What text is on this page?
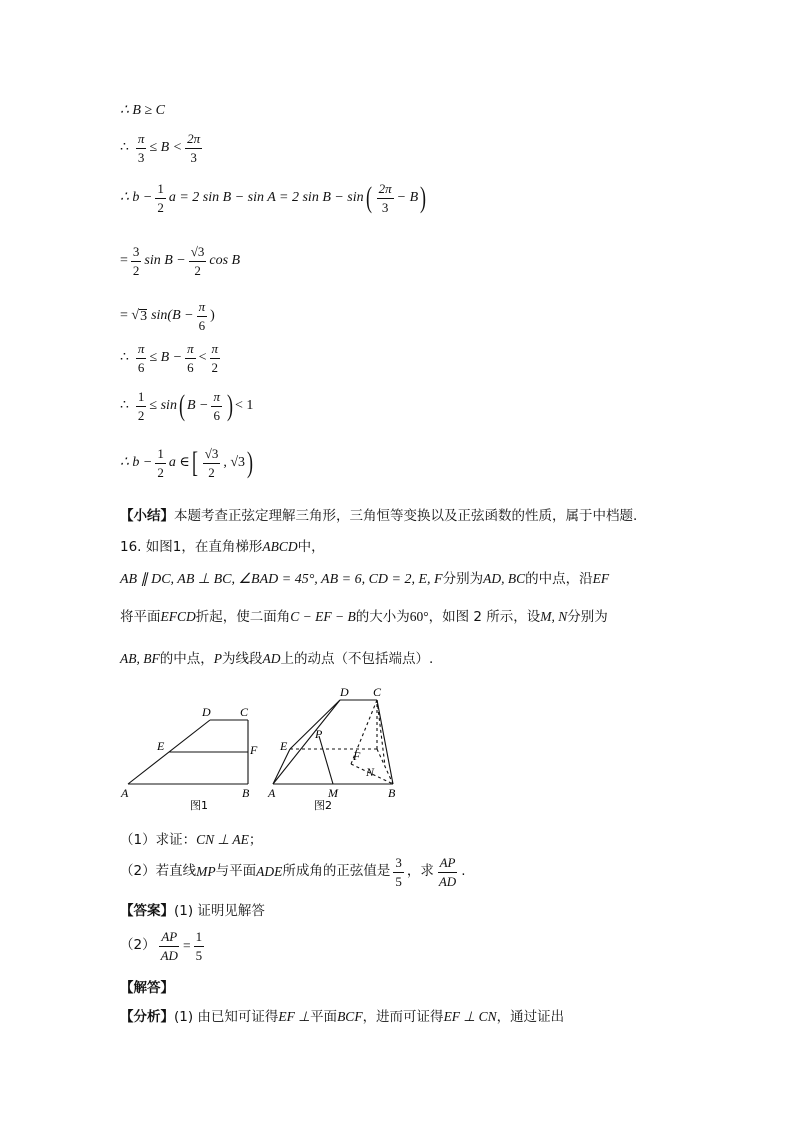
∴ B ≥ C
∴ $\frac{\pi}{3} \le B < \frac{2\pi}{3}$
∴ $b - \frac{1}{2}$ a = 2 sin B − sin A = 2 sin B − sin ( $\frac{2\pi}{3} - B$ )
= $\frac{3}{2}$ $\sin B - \frac{√3}{2}$ cos B
= √ 3 $\sin(B - \frac{\pi}{6}$ )
∴ $\frac{\pi}{6} \le B - \frac{\pi}{6} < \frac{\pi}{2}$
∴ $\frac{1}{2} \le \sin$ ( $B - \frac{\pi}{6}$ ) < 1
∴ $b - \frac{1}{2}$ a ∈ [ $\frac{√3}{2}$ , √3 )
【小结】本题考查正弦定理解三角形，三角恒等变换以及正弦函数的性质，属于中档题.
16. 如图1，在直角梯形ABCD中，
AB ∥ DC, AB ⊥ BC, ∠BAD = 45°, AB = 6, CD = 2, E, F分别为AD, BC的中点，沿EF
将平面EFCD折起，使二面角C − EF − B的大小为60°，如图 2 所示，设M, N分别为
AB, BF的中点，P为线段AD上的动点（不包括端点）.
A	B
C
D
E	F
图1
A	B
C
D
E
F
M
N
P
图2
（1）求证：CN ⊥ AE；
（2）若直线 MP 与平面 ADE 所成角的正弦值是 $\frac{3}{5}$ ，求 $\frac{AP}{AD}$ .
【答案】(1) 证明见解答
$(2) \frac{AP}{AD} = \frac{1}{5}$
【解答】
【分析】(1) 由已知可证得EF ⊥平面BCF，进而可证得EF ⊥ CN，通过证出
